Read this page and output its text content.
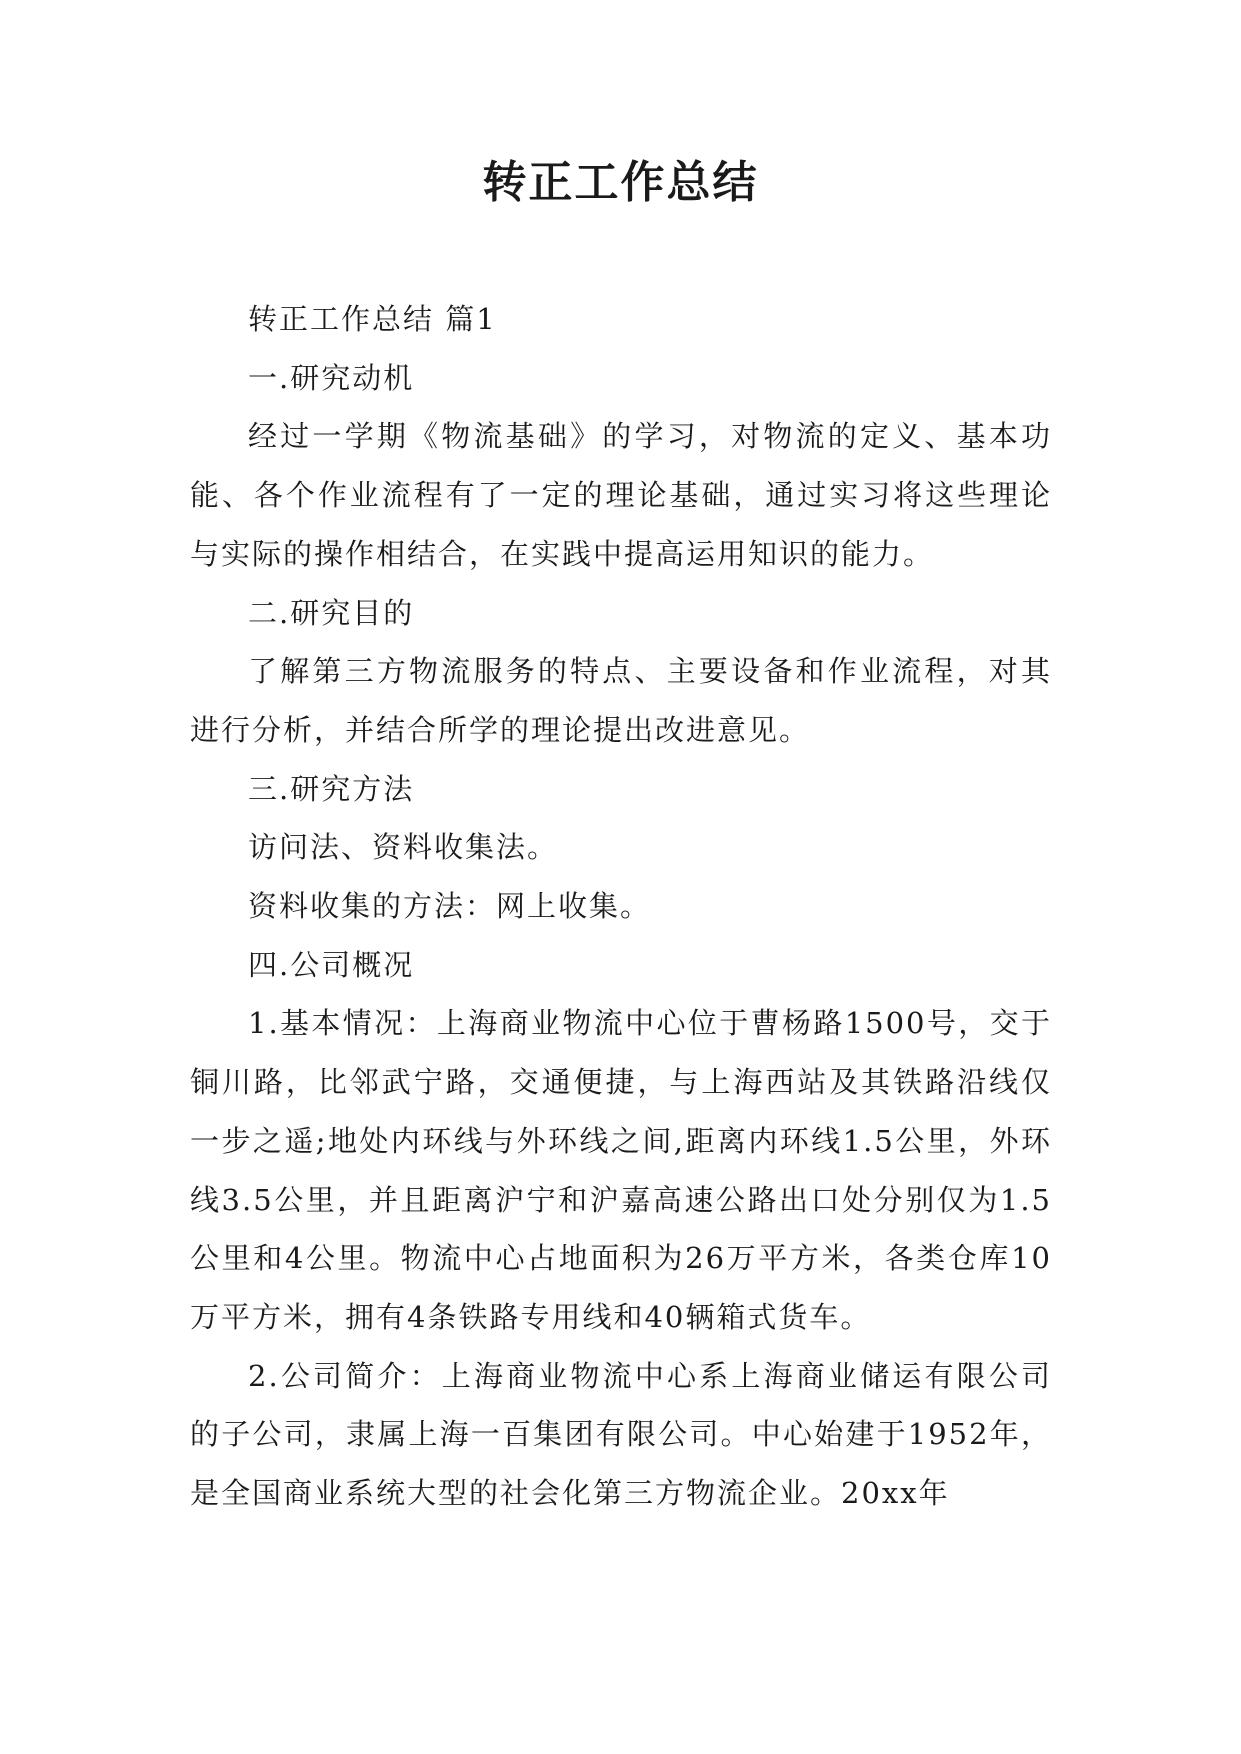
转正工作总结

转正工作总结 篇1

一.研究动机

经过一学期《物流基础》的学习，对物流的定义、基本功能、各个作业流程有了一定的理论基础，通过实习将这些理论与实际的操作相结合，在实践中提高运用知识的能力。

二.研究目的

了解第三方物流服务的特点、主要设备和作业流程，对其进行分析，并结合所学的理论提出改进意见。

三.研究方法

访问法、资料收集法。

资料收集的方法：网上收集。

四.公司概况

1.基本情况：上海商业物流中心位于曹杨路1500号，交于铜川路，比邻武宁路，交通便捷，与上海西站及其铁路沿线仅一步之遥;地处内环线与外环线之间,距离内环线1.5公里，外环线3.5公里，并且距离沪宁和沪嘉高速公路出口处分别仅为1.5公里和4公里。物流中心占地面积为26万平方米，各类仓库10万平方米，拥有4条铁路专用线和40辆箱式货车。

2.公司简介：上海商业物流中心系上海商业储运有限公司的子公司，隶属上海一百集团有限公司。中心始建于1952年，是全国商业系统大型的社会化第三方物流企业。20xx年
